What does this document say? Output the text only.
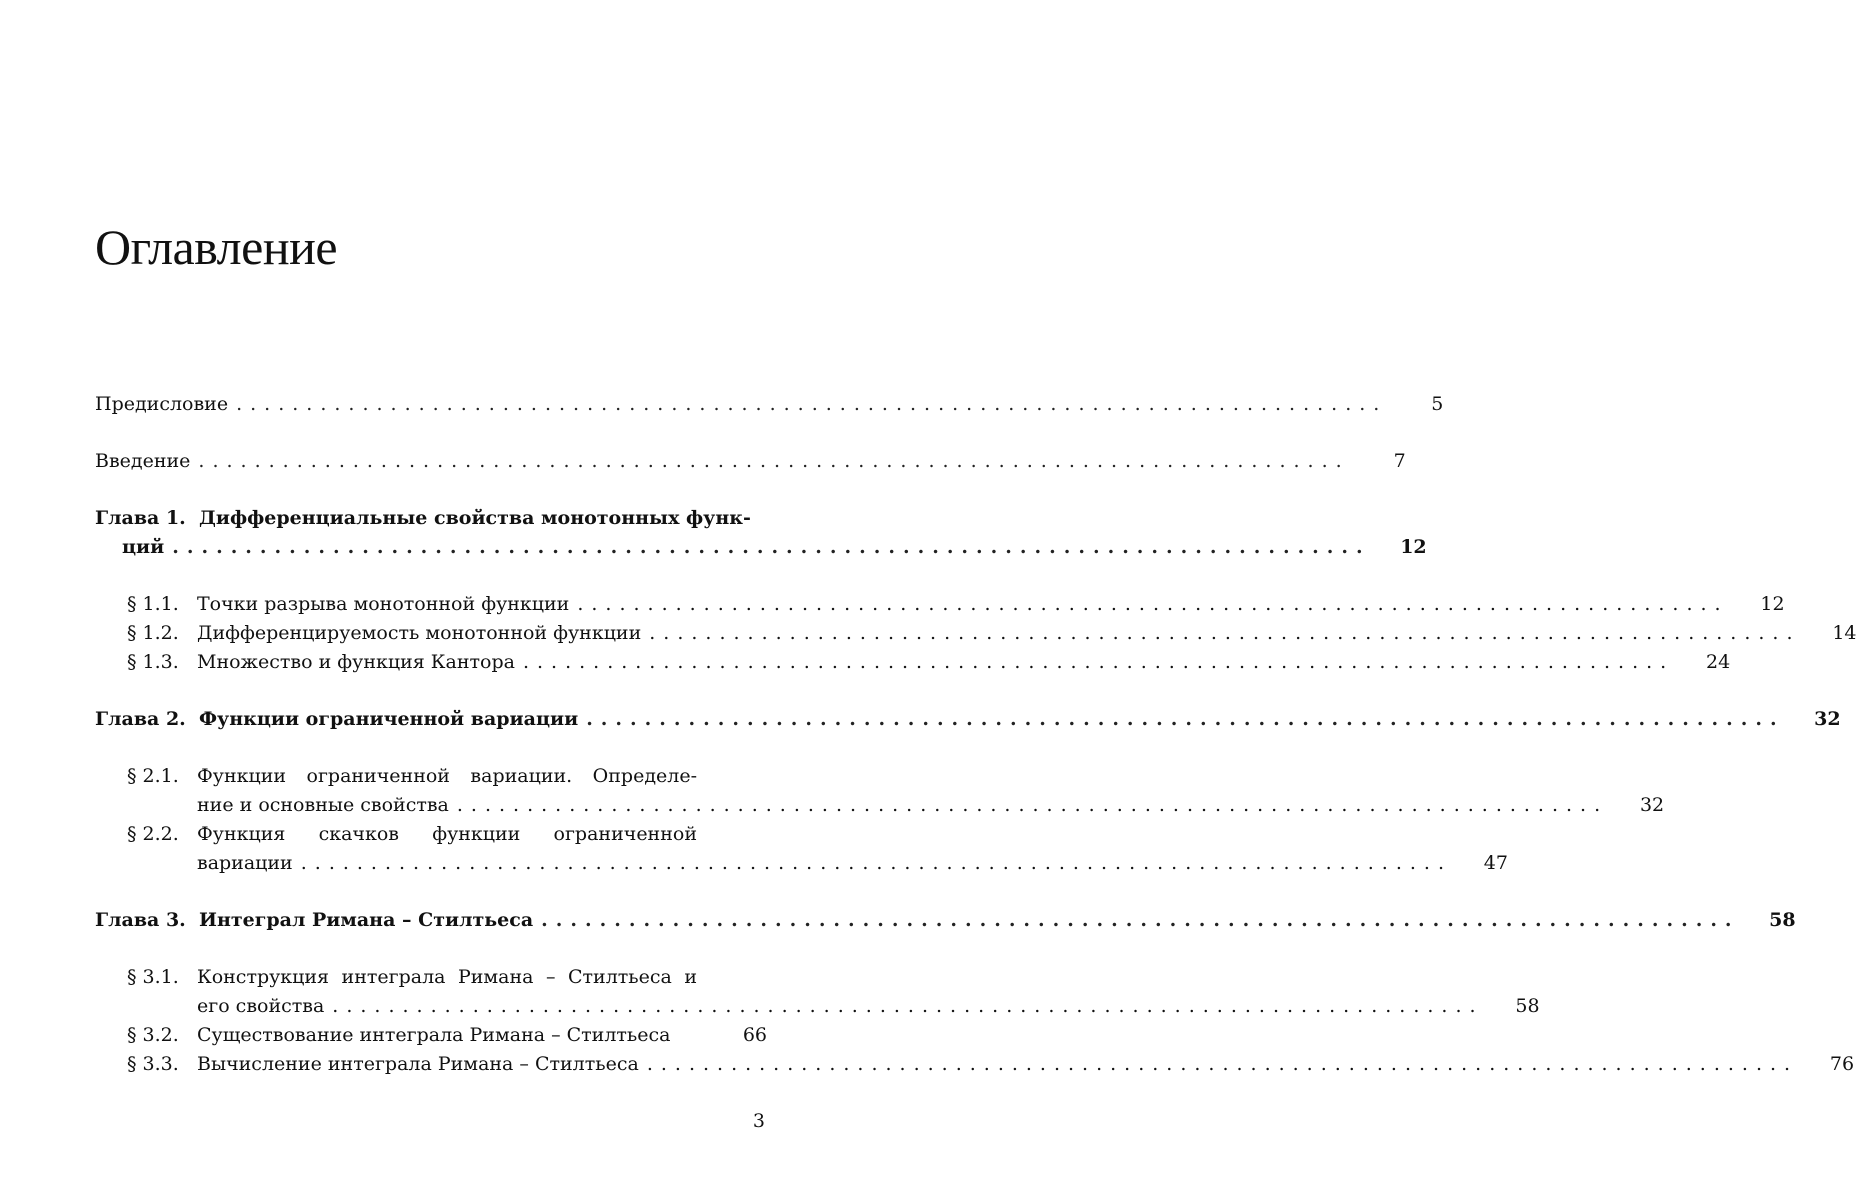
Оглавление
Предисловие ..................................................................................	5
Введение ..................................................................................	7
Глава 1. Дифференциальные свойства монотонных функ-
ций ..................................................................................	12
§ 1.1. Точки разрыва монотонной функции ..................................................................................	12
§ 1.2. Дифференцируемость монотонной функции ..................................................................................	14
§ 1.3. Множество и функция Кантора ..................................................................................	24
Глава 2. Функции ограниченной вариации ..................................................................................	32
§ 2.1. Функции ограниченной вариации. Определе-
ние и основные свойства ..................................................................................	32
§ 2.2. Функция скачков функции ограниченной
вариации ..................................................................................	47
Глава 3. Интеграл Римана – Стилтьеса ..................................................................................	58
§ 3.1. Конструкция интеграла Римана – Стилтьеса и
его свойства ..................................................................................	58
§ 3.2. Существование интеграла Римана – Стилтьеса	66
§ 3.3. Вычисление интеграла Римана – Стилтьеса ..................................................................................	76
3
